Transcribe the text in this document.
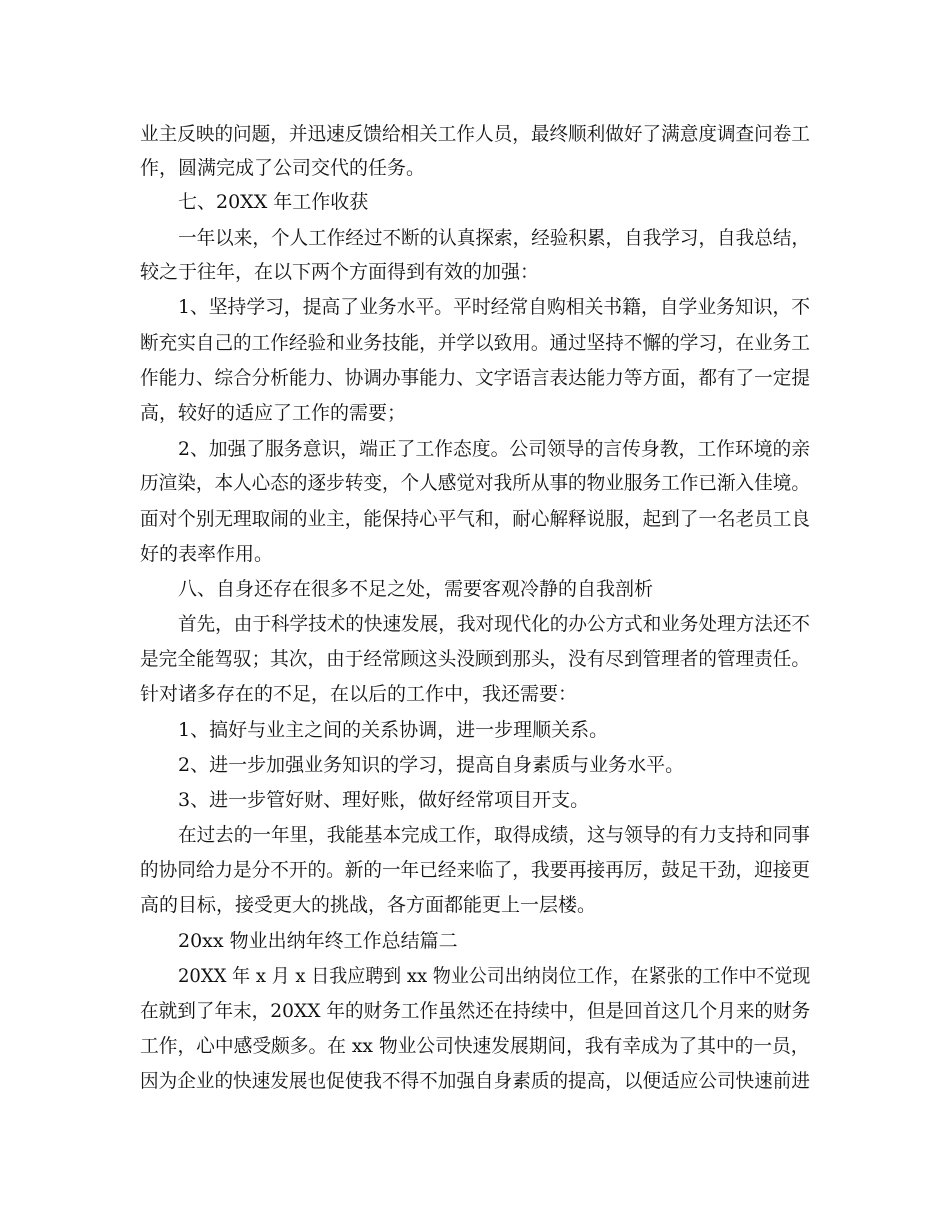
业主反映的问题，并迅速反馈给相关工作人员，最终顺利做好了满意度调查问卷工
作，圆满完成了公司交代的任务。
七、20XX 年工作收获
一年以来，个人工作经过不断的认真探索，经验积累，自我学习，自我总结，
较之于往年，在以下两个方面得到有效的加强：
1、坚持学习，提高了业务水平。平时经常自购相关书籍，自学业务知识，不
断充实自己的工作经验和业务技能，并学以致用。通过坚持不懈的学习，在业务工
作能力、综合分析能力、协调办事能力、文字语言表达能力等方面，都有了一定提
高，较好的适应了工作的需要；
2、加强了服务意识，端正了工作态度。公司领导的言传身教，工作环境的亲
历渲染，本人心态的逐步转变，个人感觉对我所从事的物业服务工作已渐入佳境。
面对个别无理取闹的业主，能保持心平气和，耐心解释说服，起到了一名老员工良
好的表率作用。
八、自身还存在很多不足之处，需要客观冷静的自我剖析
首先，由于科学技术的快速发展，我对现代化的办公方式和业务处理方法还不
是完全能驾驭；其次，由于经常顾这头没顾到那头，没有尽到管理者的管理责任。
针对诸多存在的不足，在以后的工作中，我还需要：
1、搞好与业主之间的关系协调，进一步理顺关系。
2、进一步加强业务知识的学习，提高自身素质与业务水平。
3、进一步管好财、理好账，做好经常项目开支。
在过去的一年里，我能基本完成工作，取得成绩，这与领导的有力支持和同事
的协同给力是分不开的。新的一年已经来临了，我要再接再厉，鼓足干劲，迎接更
高的目标，接受更大的挑战，各方面都能更上一层楼。
20xx 物业出纳年终工作总结篇二
20XX 年 x 月 x 日我应聘到 xx 物业公司出纳岗位工作，在紧张的工作中不觉现
在就到了年末，20XX 年的财务工作虽然还在持续中，但是回首这几个月来的财务
工作，心中感受颇多。在 xx 物业公司快速发展期间，我有幸成为了其中的一员，
因为企业的快速发展也促使我不得不加强自身素质的提高，以便适应公司快速前进
